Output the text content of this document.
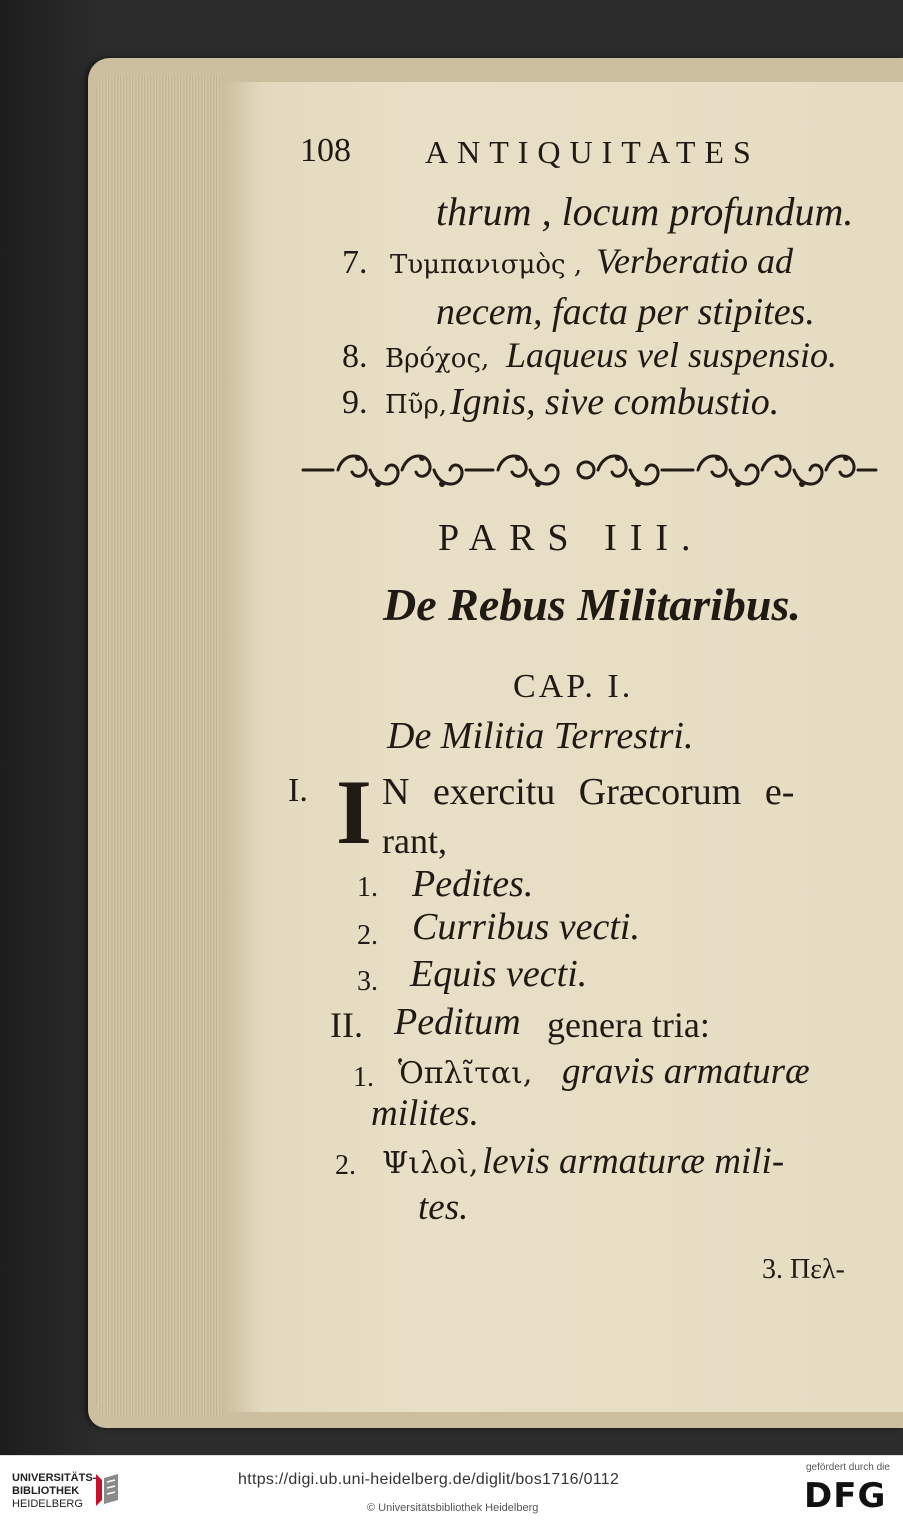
108 ANTIQUITATES
thrum , locum profundum.
7. Τυμπανισμὸς , Verberatio ad
necem, facta per stipites.
8. Βρόχος, Laqueus vel suspensio.
9. Πῦρ, Ignis, sive combustio.
PARS III.
De Rebus Militaribus.
CAP. I.
De Militia Terrestri.
I. I N exercitu Græcorum e-
rant,
1. Pedites.
2. Curribus vecti.
3. Equis vecti.
II. Peditum genera tria:
1. Ὁπλῖται, gravis armaturæ
milites.
2. Ψιλοὶ, levis armaturæ mili-
tes.
3. Πελ-
UNIVERSITÄTS-
BIBLIOTHEK
HEIDELBERG
https://digi.ub.uni-heidelberg.de/diglit/bos1716/0112
© Universitätsbibliothek Heidelberg
gefördert durch die
DFG
